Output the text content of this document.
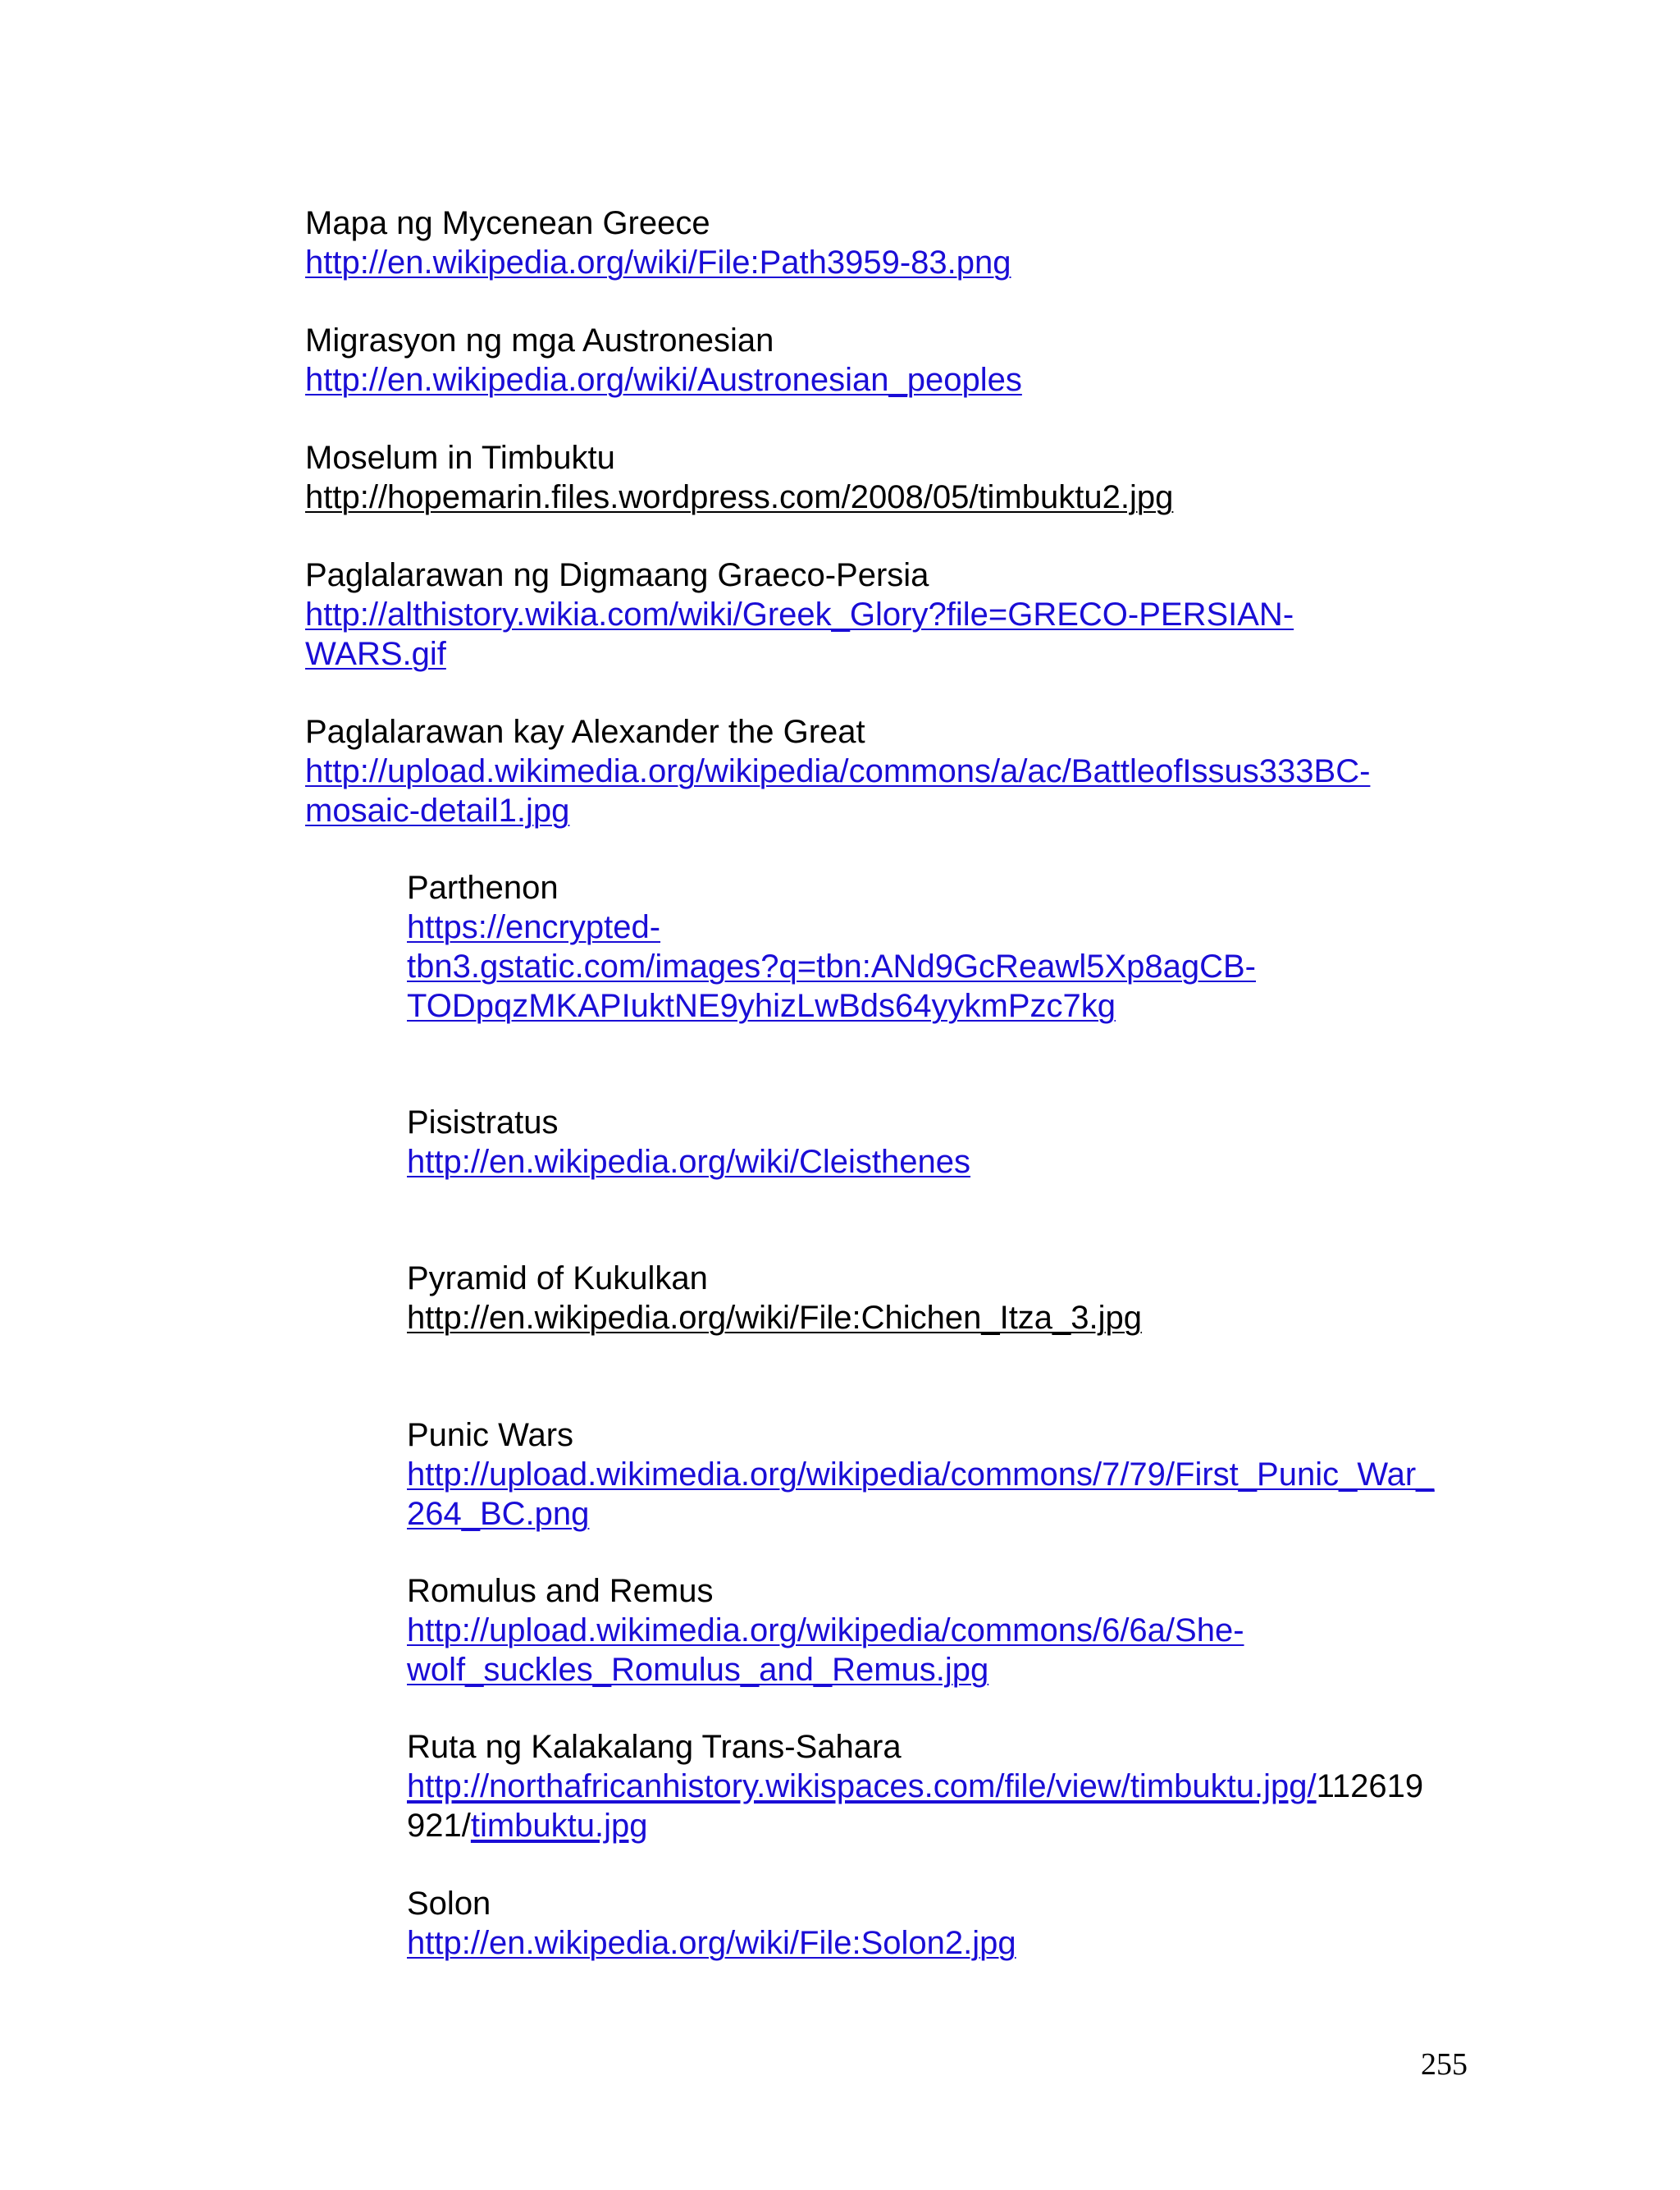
Mapa ng Mycenean Greece
http://en.wikipedia.org/wiki/File:Path3959-83.png
Migrasyon ng mga Austronesian
http://en.wikipedia.org/wiki/Austronesian_peoples
Moselum in Timbuktu
http://hopemarin.files.wordpress.com/2008/05/timbuktu2.jpg
Paglalarawan ng Digmaang Graeco-Persia
http://althistory.wikia.com/wiki/Greek_Glory?file=GRECO-PERSIAN-
WARS.gif
Paglalarawan kay Alexander the Great
http://upload.wikimedia.org/wikipedia/commons/a/ac/BattleofIssus333BC-
mosaic-detail1.jpg
Parthenon
https://encrypted-
tbn3.gstatic.com/images?q=tbn:ANd9GcReawl5Xp8agCB-
TODpqzMKAPIuktNE9yhizLwBds64yykmPzc7kg
Pisistratus
http://en.wikipedia.org/wiki/Cleisthenes
Pyramid of Kukulkan
http://en.wikipedia.org/wiki/File:Chichen_Itza_3.jpg
Punic Wars
http://upload.wikimedia.org/wikipedia/commons/7/79/First_Punic_War_
264_BC.png
Romulus and Remus
http://upload.wikimedia.org/wikipedia/commons/6/6a/She-
wolf_suckles_Romulus_and_Remus.jpg
Ruta ng Kalakalang Trans-Sahara
http://northafricanhistory.wikispaces.com/file/view/timbuktu.jpg/112619
921/timbuktu.jpg
Solon
http://en.wikipedia.org/wiki/File:Solon2.jpg
255
